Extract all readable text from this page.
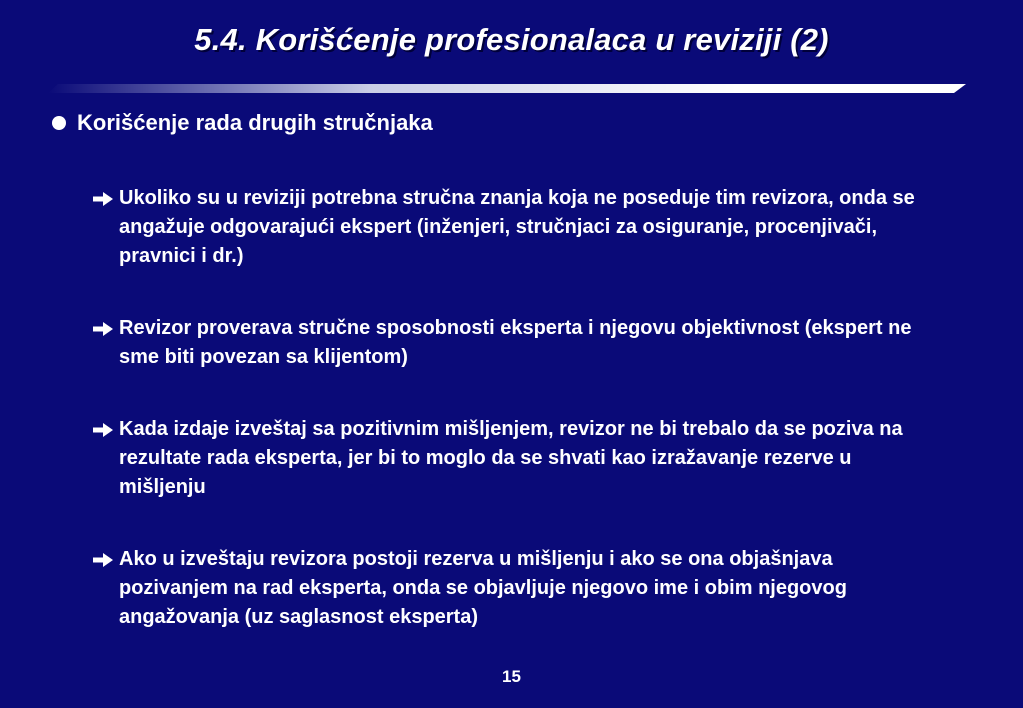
5.4. Korišćenje profesionalaca u reviziji (2)
Korišćenje rada drugih stručnjaka
Ukoliko su u reviziji potrebna stručna znanja koja ne poseduje tim revizora, onda se angažuje odgovarajući ekspert (inženjeri, stručnjaci za osiguranje, procenjivači, pravnici i dr.)
Revizor proverava stručne sposobnosti eksperta i njegovu objektivnost (ekspert ne sme biti povezan sa klijentom)
Kada izdaje izveštaj sa pozitivnim mišljenjem, revizor ne bi trebalo da se poziva na rezultate rada eksperta, jer bi to moglo da se shvati kao izražavanje rezerve u mišljenju
Ako u izveštaju revizora postoji rezerva u mišljenju i ako se ona objašnjava pozivanjem na rad eksperta, onda se objavljuje njegovo ime i obim njegovog angažovanja (uz saglasnost eksperta)
15
